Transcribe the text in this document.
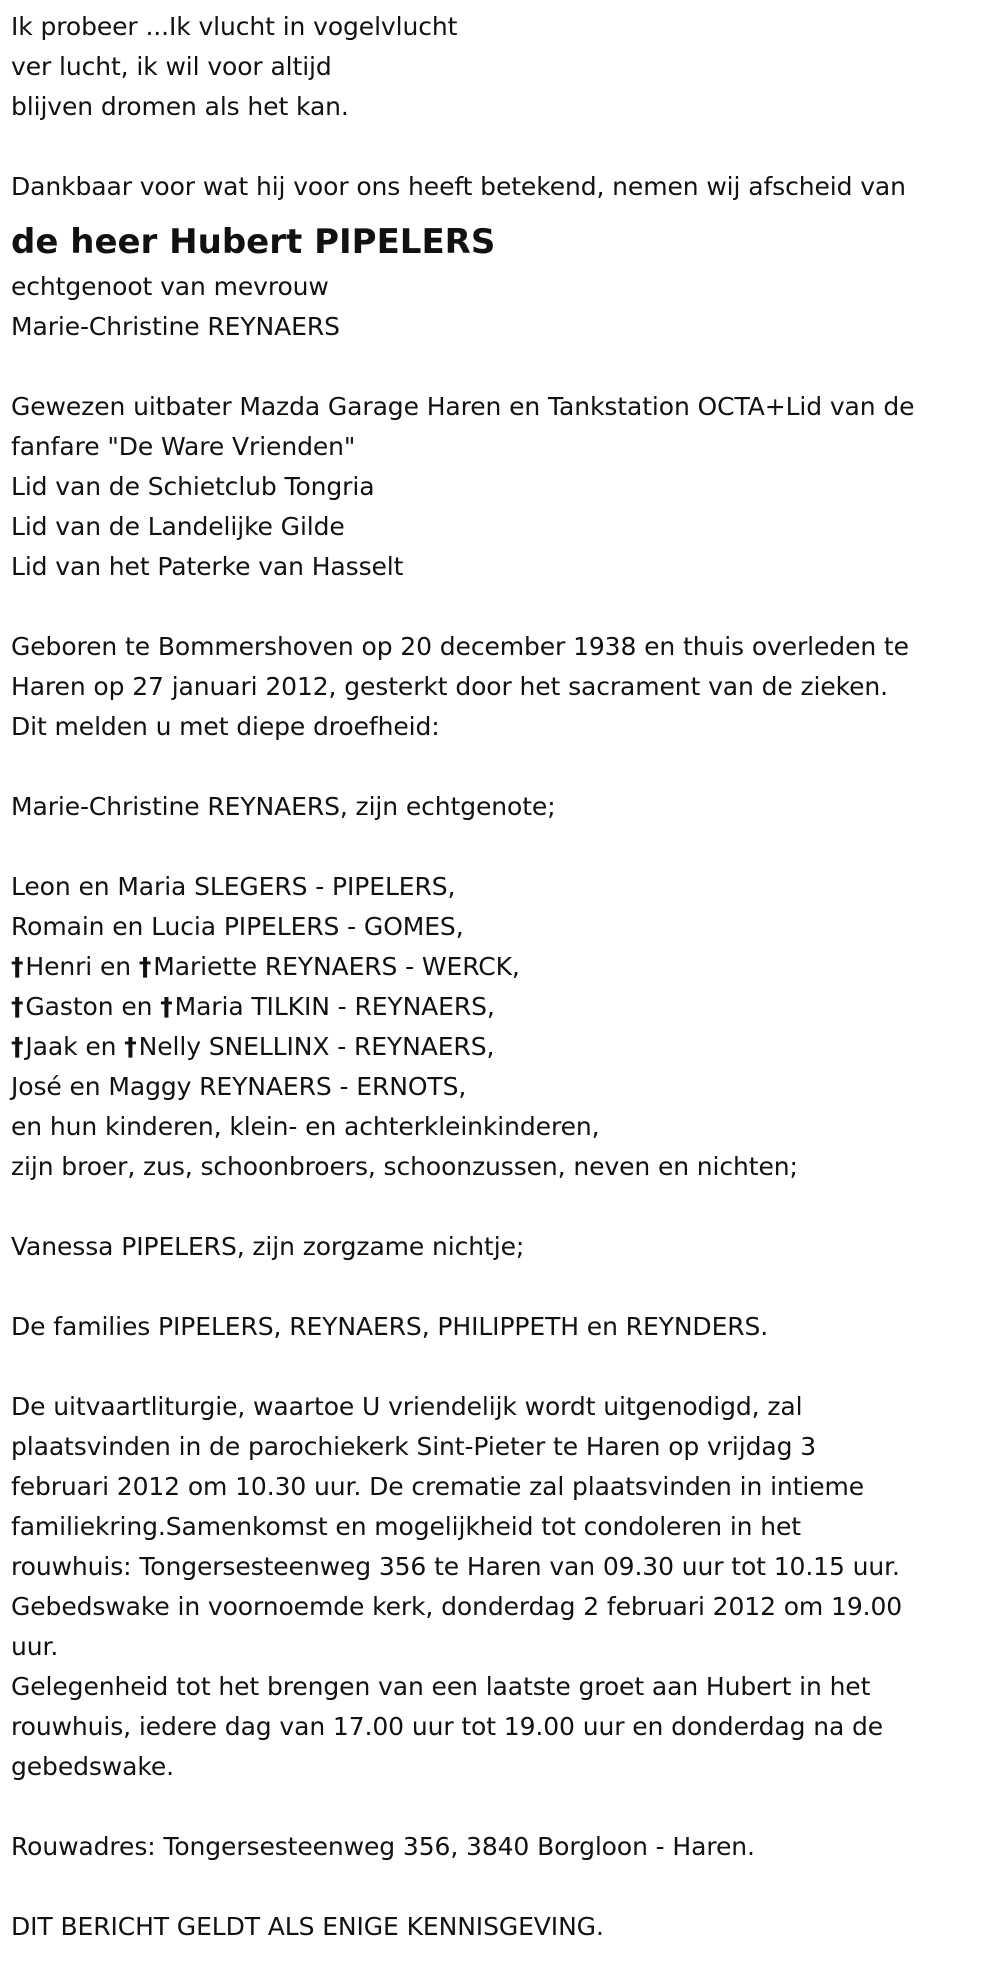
Ik probeer ...Ik vlucht in vogelvlucht
ver lucht, ik wil voor altijd
blijven dromen als het kan.
Dankbaar voor wat hij voor ons heeft betekend, nemen wij afscheid van
de heer Hubert PIPELERS
echtgenoot van mevrouw
Marie-Christine REYNAERS
Gewezen uitbater Mazda Garage Haren en Tankstation OCTA+Lid van de
fanfare "De Ware Vrienden"
Lid van de Schietclub Tongria
Lid van de Landelijke Gilde
Lid van het Paterke van Hasselt
Geboren te Bommershoven op 20 december 1938 en thuis overleden te
Haren op 27 januari 2012, gesterkt door het sacrament van de zieken.
Dit melden u met diepe droefheid:
Marie-Christine REYNAERS, zijn echtgenote;
Leon en Maria SLEGERS - PIPELERS,
Romain en Lucia PIPELERS - GOMES,
†Henri en †Mariette REYNAERS - WERCK,
†Gaston en †Maria TILKIN - REYNAERS,
†Jaak en †Nelly SNELLINX - REYNAERS,
José en Maggy REYNAERS - ERNOTS,
en hun kinderen, klein- en achterkleinkinderen,
zijn broer, zus, schoonbroers, schoonzussen, neven en nichten;
Vanessa PIPELERS, zijn zorgzame nichtje;
De families PIPELERS, REYNAERS, PHILIPPETH en REYNDERS.
De uitvaartliturgie, waartoe U vriendelijk wordt uitgenodigd, zal
plaatsvinden in de parochiekerk Sint-Pieter te Haren op vrijdag 3
februari 2012 om 10.30 uur. De crematie zal plaatsvinden in intieme
familiekring.Samenkomst en mogelijkheid tot condoleren in het
rouwhuis: Tongersesteenweg 356 te Haren van 09.30 uur tot 10.15 uur.
Gebedswake in voornoemde kerk, donderdag 2 februari 2012 om 19.00
uur.
Gelegenheid tot het brengen van een laatste groet aan Hubert in het
rouwhuis, iedere dag van 17.00 uur tot 19.00 uur en donderdag na de
gebedswake.
Rouwadres: Tongersesteenweg 356, 3840 Borgloon - Haren.
DIT BERICHT GELDT ALS ENIGE KENNISGEVING.
